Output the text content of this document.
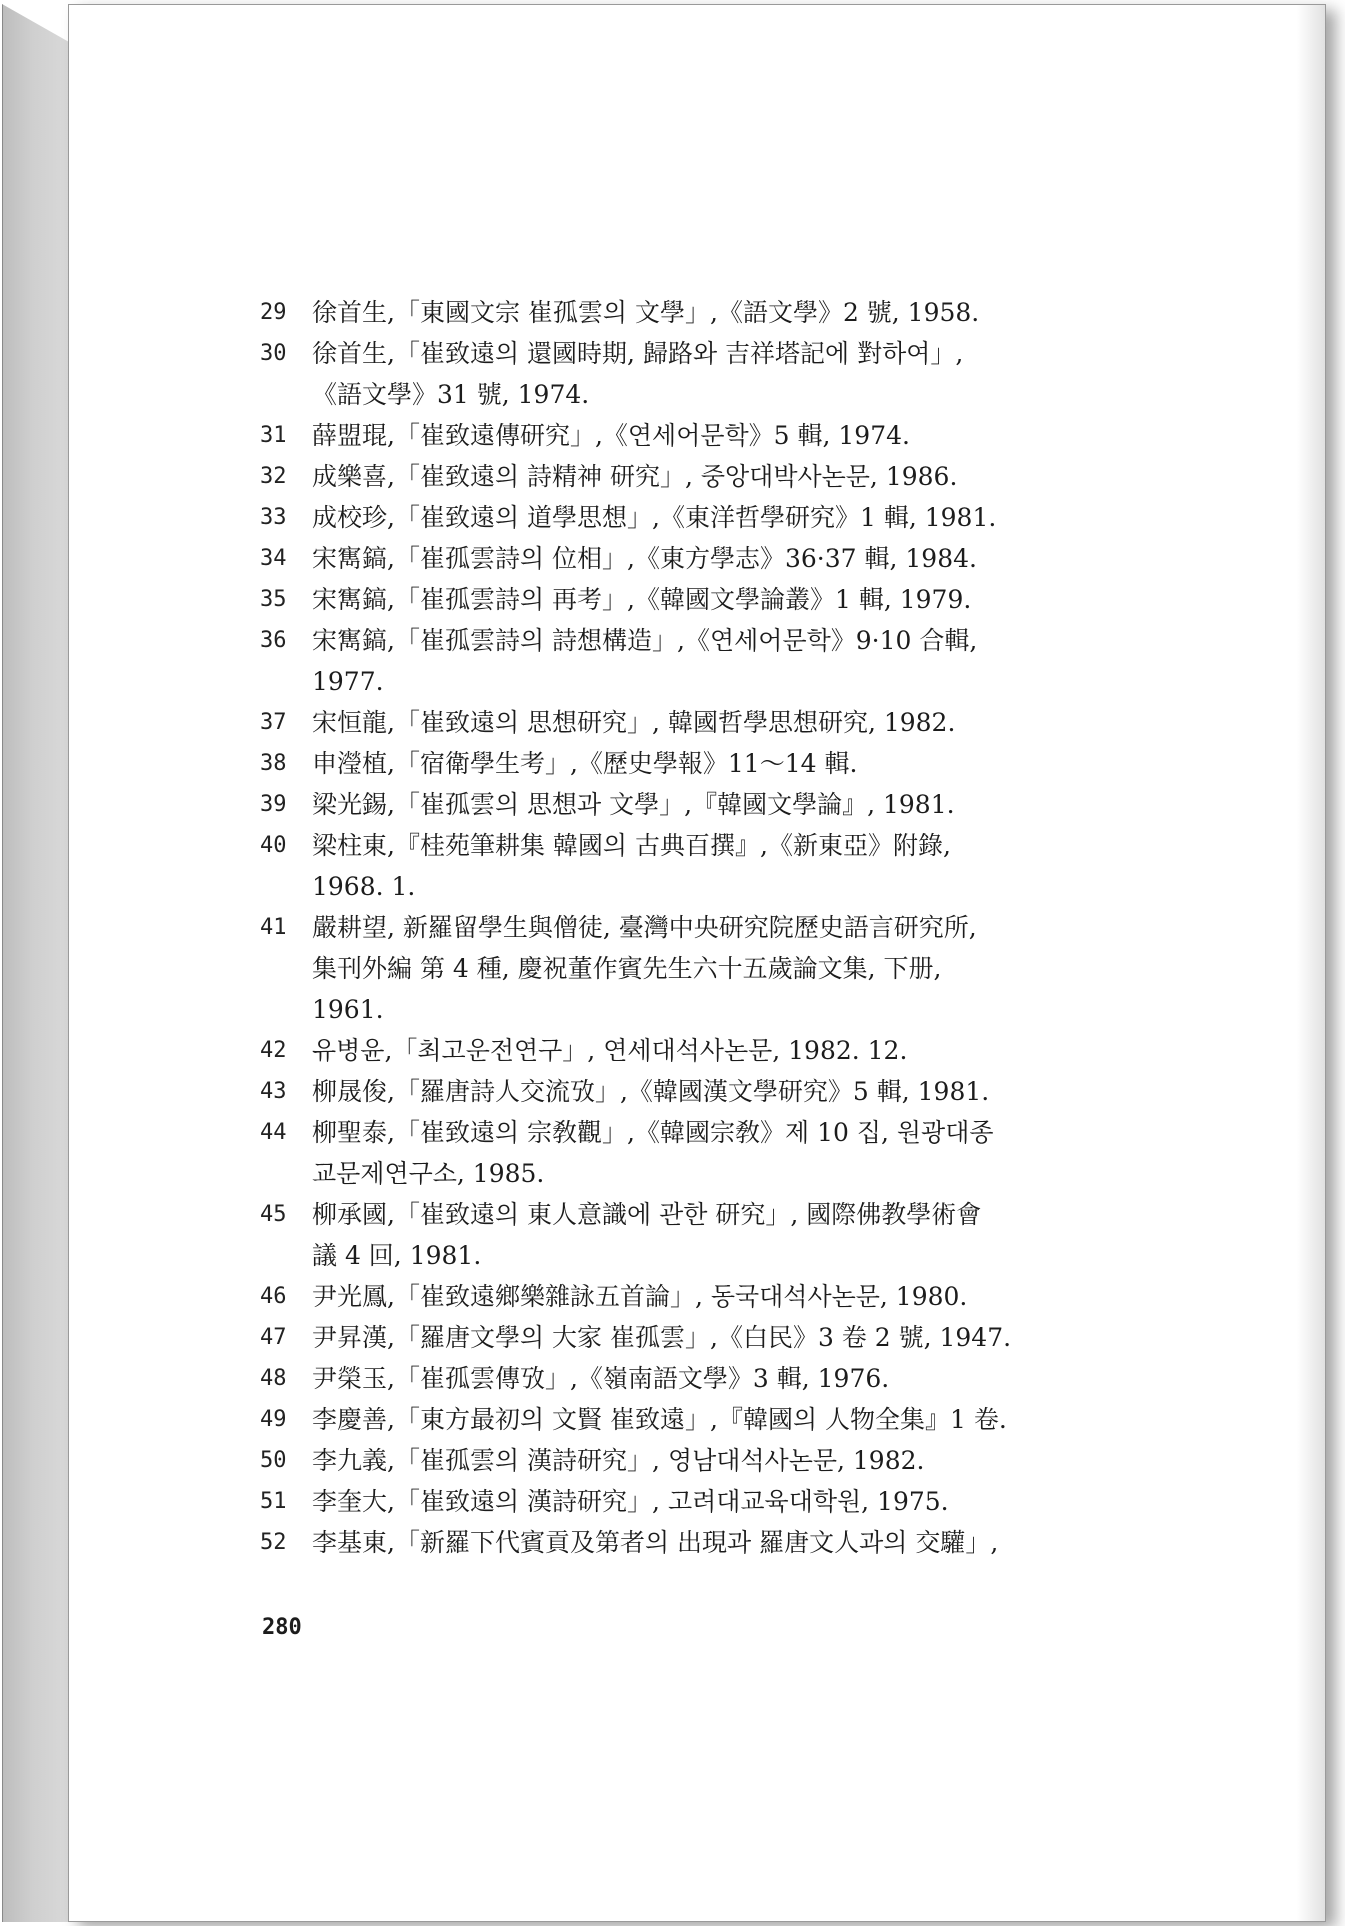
29	徐首生,「東國文宗 崔孤雲의 文學」,《語文學》2 號, 1958.
30	徐首生,「崔致遠의 還國時期, 歸路와 吉祥塔記에 對하여」,
《語文學》31 號, 1974.
31	薛盟琨,「崔致遠傳研究」,《연세어문학》5 輯, 1974.
32	成樂喜,「崔致遠의 詩精神 研究」, 중앙대박사논문, 1986.
33	成校珍,「崔致遠의 道學思想」,《東洋哲學研究》1 輯, 1981.
34	宋寯鎬,「崔孤雲詩의 位相」,《東方學志》36·37 輯, 1984.
35	宋寯鎬,「崔孤雲詩의 再考」,《韓國文學論叢》1 輯, 1979.
36	宋寯鎬,「崔孤雲詩의 詩想構造」,《연세어문학》9·10 合輯,
1977.
37	宋恒龍,「崔致遠의 思想研究」, 韓國哲學思想研究, 1982.
38	申瀅植,「宿衛學生考」,《歷史學報》11～14 輯.
39	梁光錫,「崔孤雲의 思想과 文學」,『韓國文學論』, 1981.
40	梁柱東,『桂苑筆耕集 韓國의 古典百撰』,《新東亞》附錄,
1968. 1.
41	嚴耕望, 新羅留學生與僧徒, 臺灣中央研究院歷史語言研究所,
集刊外編 第 4 種, 慶祝董作賓先生六十五歲論文集, 下册,
1961.
42	유병윤,「최고운전연구」, 연세대석사논문, 1982. 12.
43	柳晟俊,「羅唐詩人交流攷」,《韓國漢文學研究》5 輯, 1981.
44	柳聖泰,「崔致遠의 宗敎觀」,《韓國宗敎》제 10 집, 원광대종
교문제연구소, 1985.
45	柳承國,「崔致遠의 東人意識에 관한 研究」, 國際佛教學術會
議 4 回, 1981.
46	尹光鳳,「崔致遠鄉樂雜詠五首論」, 동국대석사논문, 1980.
47	尹昇漢,「羅唐文學의 大家 崔孤雲」,《白民》3 卷 2 號, 1947.
48	尹榮玉,「崔孤雲傳攷」,《嶺南語文學》3 輯, 1976.
49	李慶善,「東方最初의 文賢 崔致遠」,『韓國의 人物全集』1 卷.
50	李九義,「崔孤雲의 漢詩研究」, 영남대석사논문, 1982.
51	李奎大,「崔致遠의 漢詩研究」, 고려대교육대학원, 1975.
52	李基東,「新羅下代賓貢及第者의 出現과 羅唐文人과의 交驩」,
280
